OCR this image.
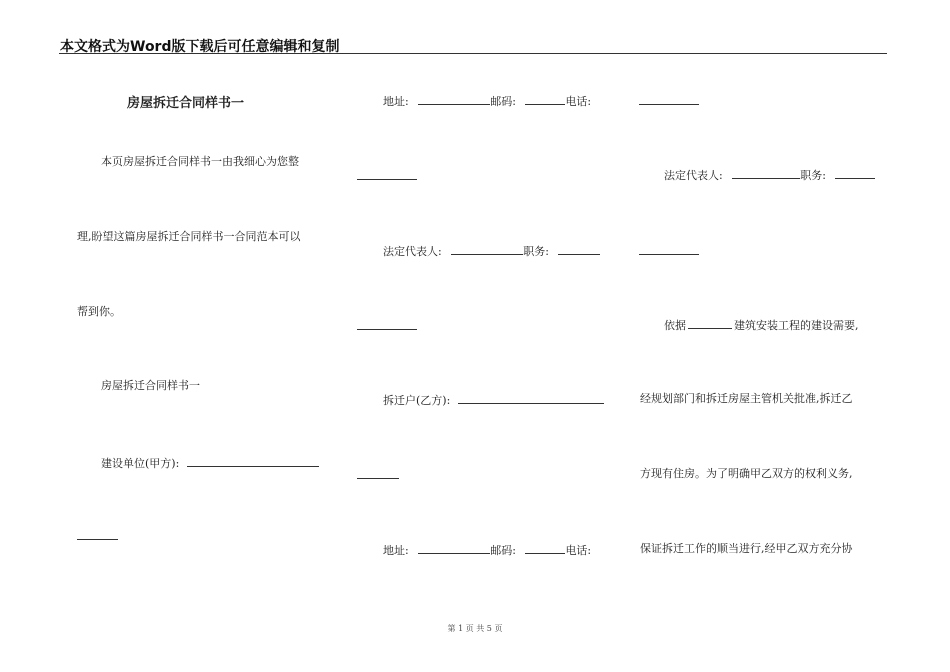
本文格式为Word版下载后可任意编辑和复制
房屋拆迁合同样书一
本页房屋拆迁合同样书一由我细心为您整
理,盼望这篇房屋拆迁合同样书一合同范本可以
帮到你。
房屋拆迁合同样书一
建设单位(甲方):
地址:	邮码:	电话:
法定代表人:	职务:
拆迁户(乙方):
地址:	邮码:	电话:
法定代表人:	职务:
依据	建筑安装工程的建设需要,
经规划部门和拆迁房屋主管机关批准,拆迁乙
方现有住房。为了明确甲乙双方的权利义务,
保证拆迁工作的顺当进行,经甲乙双方充分协
第 1 页 共 5 页
